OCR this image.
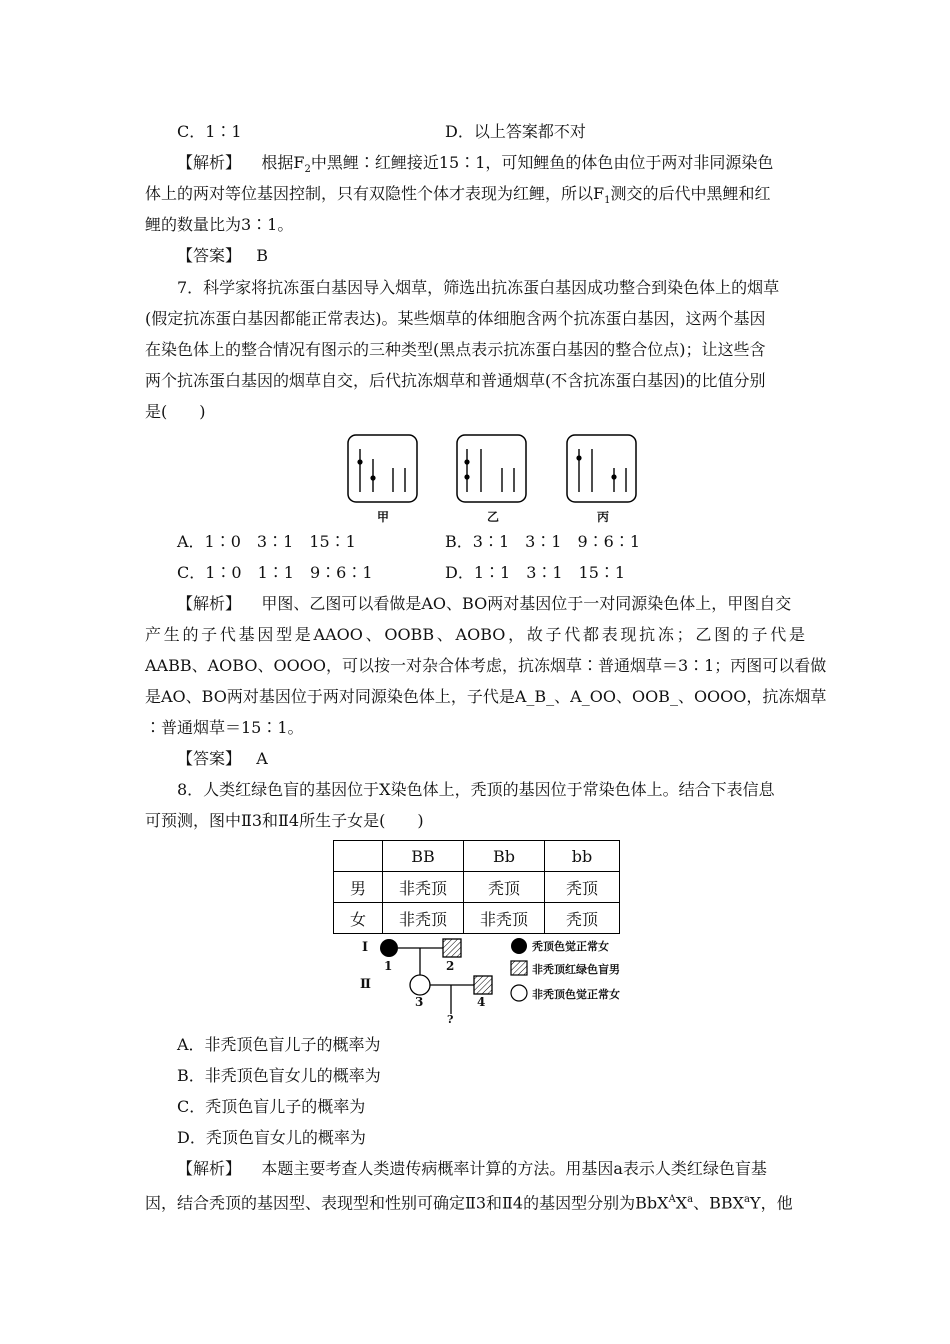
C．1∶1	D．以上答案都不对
【解析】 根据$F_2$中黑鲤∶红鲤接近15∶1，可知鲤鱼的体色由位于两对非同源染色
体上的两对等位基因控制，只有双隐性个体才表现为红鲤，所以$F_1$测交的后代中黑鲤和红
鲤的数量比为3∶1。
【答案】 B
7．科学家将抗冻蛋白基因导入烟草，筛选出抗冻蛋白基因成功整合到染色体上的烟草
(假定抗冻蛋白基因都能正常表达)。某些烟草的体细胞含两个抗冻蛋白基因，这两个基因
在染色体上的整合情况有图示的三种类型(黑点表示抗冻蛋白基因的整合位点)；让这些含
两个抗冻蛋白基因的烟草自交，后代抗冻烟草和普通烟草(不含抗冻蛋白基因)的比值分别
是(　　)
甲	乙	丙
A．1∶0　3∶1　15∶1	B．3∶1　3∶1　9∶6∶1
C．1∶0　1∶1　9∶6∶1	D．1∶1　3∶1　15∶1
【解析】 甲图、乙图可以看做是AO、BO两对基因位于一对同源染色体上，甲图自交
产生的子代基因型是AAOO、OOBB、AOBO，故子代都表现抗冻；乙图的子代是
AABB、AOBO、OOOO，可以按一对杂合体考虑，抗冻烟草∶普通烟草＝3∶1；丙图可以看做
是AO、BO两对基因位于两对同源染色体上，子代是A_B_、A_OO、OOB_、OOOO，抗冻烟草
∶普通烟草＝15∶1。
【答案】 A
8．人类红绿色盲的基因位于X染色体上，秃顶的基因位于常染色体上。结合下表信息
可预测，图中Ⅱ3和Ⅱ4所生子女是(　　)
	BB	Bb	bb
男	非秃顶	秃顶	秃顶
女	非秃顶	非秃顶	秃顶
Ⅰ
Ⅱ
1	2
3	4
?
秃顶色觉正常女
非秃顶红绿色盲男
非秃顶色觉正常女
A．非秃顶色盲儿子的概率为
B．非秃顶色盲女儿的概率为
C．秃顶色盲儿子的概率为
D．秃顶色盲女儿的概率为
【解析】 本题主要考查人类遗传病概率计算的方法。用基因a表示人类红绿色盲基
因，结合秃顶的基因型、表现型和性别可确定Ⅱ3和Ⅱ4的基因型分别为$BbX^AX^a$、BBX$^a$Y，他
